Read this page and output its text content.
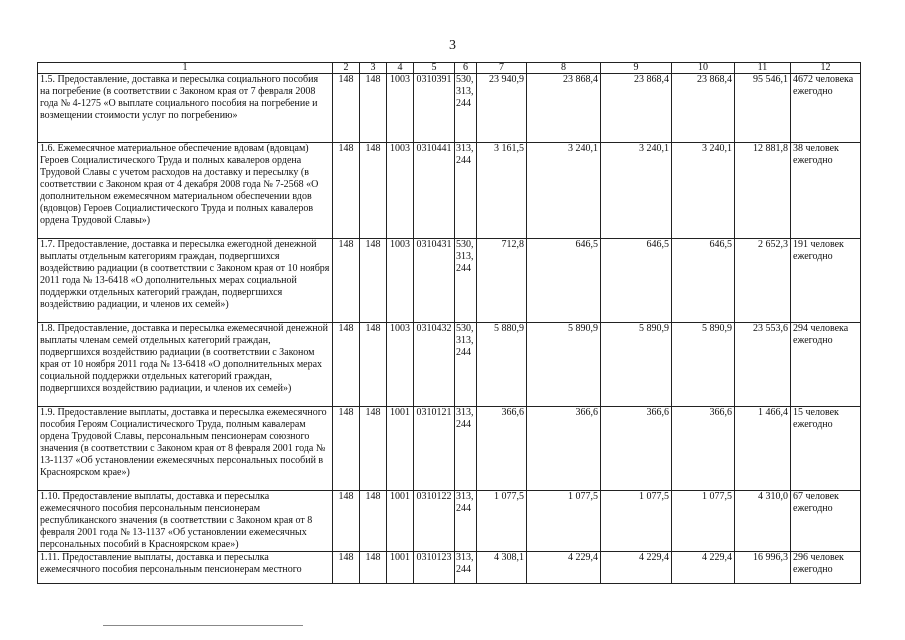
3
1	2	3	4	5	6	7	8	9	10	11	12
1.5. Предоставление, доставка и пересылка социального пособия на погребение (в соответствии с Законом края от 7 февраля 2008 года № 4-1275 «О выплате социального пособия на погребение и возмещении стоимости услуг по погребению»	148	148	1003	0310391	530, 313, 244	23 940,9	23 868,4	23 868,4	23 868,4	95 546,1	4672 человека ежегодно
1.6. Ежемесячное материальное обеспечение вдовам (вдовцам) Героев Социалистического Труда и полных кавалеров ордена Трудовой Славы с учетом расходов на доставку и пересылку (в соответствии с Законом края от 4 декабря 2008 года № 7-2568 «О дополнительном ежемесячном материальном обеспечении вдов (вдовцов) Героев Социалистического Труда и полных кавалеров ордена Трудовой Славы»)	148	148	1003	0310441	313, 244	3 161,5	3 240,1	3 240,1	3 240,1	12 881,8	38 человек ежегодно
1.7. Предоставление, доставка и пересылка ежегодной денежной выплаты отдельным категориям граждан, подвергшихся воздействию радиации (в соответствии с Законом края от 10 ноября 2011 года № 13-6418 «О дополнительных мерах социальной поддержки отдельных категорий граждан, подвергшихся воздействию радиации, и членов их семей»)	148	148	1003	0310431	530, 313, 244	712,8	646,5	646,5	646,5	2 652,3	191 человек ежегодно
1.8. Предоставление, доставка и пересылка ежемесячной денежной выплаты членам семей отдельных категорий граждан, подвергшихся воздействию радиации (в соответствии с Законом края от 10 ноября 2011 года № 13-6418 «О дополнительных мерах социальной поддержки отдельных категорий граждан, подвергшихся воздействию радиации, и членов их семей»)	148	148	1003	0310432	530, 313, 244	5 880,9	5 890,9	5 890,9	5 890,9	23 553,6	294 человека ежегодно
1.9. Предоставление выплаты, доставка и пересылка ежемесячного пособия Героям Социалистического Труда, полным кавалерам ордена Трудовой Славы, персональным пенсионерам союзного значения (в соответствии с Законом края от 8 февраля 2001 года № 13-1137 «Об установлении ежемесячных персональных пособий в Красноярском крае»)	148	148	1001	0310121	313, 244	366,6	366,6	366,6	366,6	1 466,4	15 человек ежегодно
1.10. Предоставление выплаты, доставка и пересылка ежемесячного пособия персональным пенсионерам республиканского значения (в соответствии с Законом края от 8 февраля 2001 года № 13-1137 «Об установлении ежемесячных персональных пособий в Красноярском крае»)	148	148	1001	0310122	313, 244	1 077,5	1 077,5	1 077,5	1 077,5	4 310,0	67 человек ежегодно
1.11. Предоставление выплаты, доставка и пересылка ежемесячного пособия персональным пенсионерам местного	148	148	1001	0310123	313, 244	4 308,1	4 229,4	4 229,4	4 229,4	16 996,3	296 человек ежегодно
